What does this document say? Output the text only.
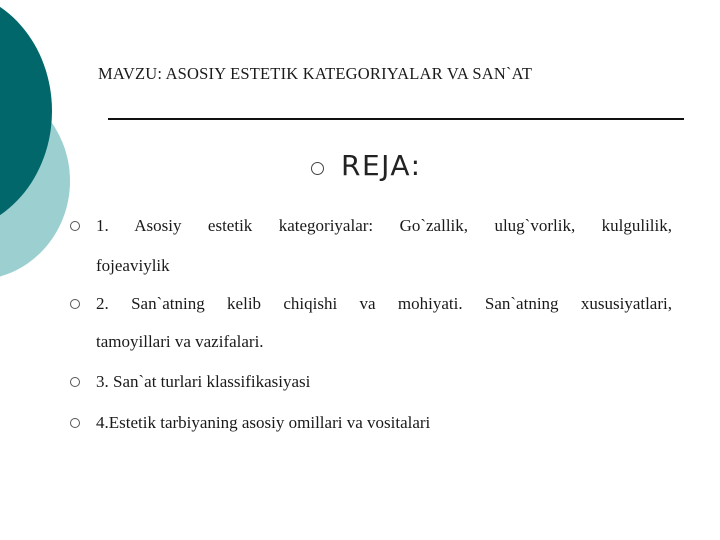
MAVZU: ASOSIY ESTETIK KATEGORIYALAR VA SAN`AT
REJA:
1. Asosiy estetik kategoriyalar: Go`zallik, ulug`vorlik, kulgulilik,
fojeaviylik
2. San`atning kelib chiqishi va mohiyati. San`atning xususiyatlari,
tamoyillari va vazifalari.
3. San`at turlari klassifikasiyasi
4.Estetik tarbiyaning asosiy omillari va vositalari
